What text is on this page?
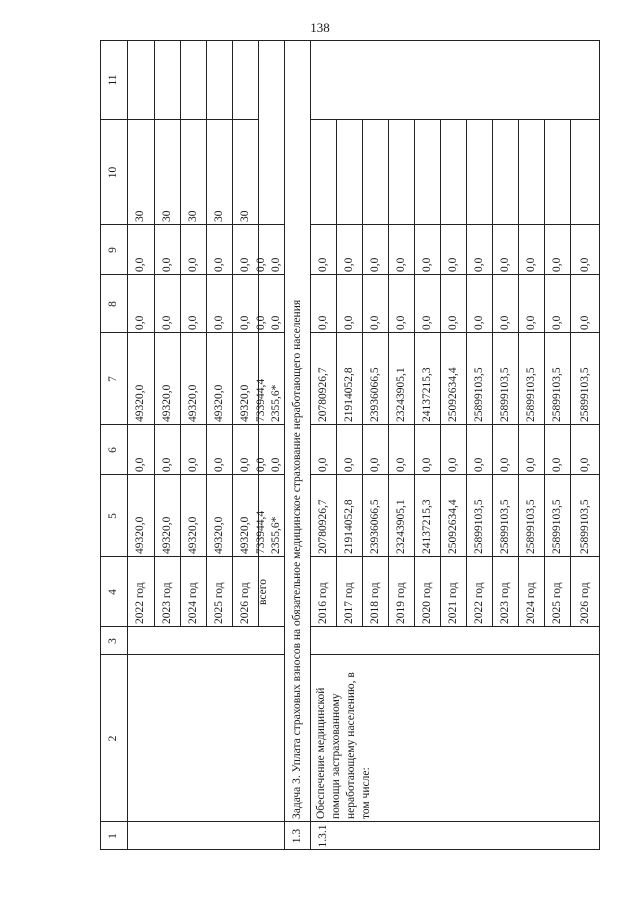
138
1
2
3
4
5
6
7
8
9
10
11
2022 год
49320,0
0,0
49320,0
0,0
0,0
30
2023 год
49320,0
0,0
49320,0
0,0
0,0
30
2024 год
49320,0
0,0
49320,0
0,0
0,0
30
2025 год
49320,0
0,0
49320,0
0,0
0,0
30
2026 год
49320,0
0,0
49320,0
0,0
0,0
30
всего
733944,4
0,0
733944,4
0,0
0,0
2355,6*
0,0
2355,6*
0,0
0,0
1.3
Задача 3. Уплата страховых взносов на обязательное медицинское страхование неработающего населения
1.3.1
Обеспечение медицинской помощи застрахованному неработающему населению, в том числе:
2016 год
20780926,7
0,0
20780926,7
0,0
0,0
2017 год
21914052,8
0,0
21914052,8
0,0
0,0
2018 год
23936066,5
0,0
23936066,5
0,0
0,0
2019 год
23243905,1
0,0
23243905,1
0,0
0,0
2020 год
24137215,3
0,0
24137215,3
0,0
0,0
2021 год
25092634,4
0,0
25092634,4
0,0
0,0
2022 год
25899103,5
0,0
25899103,5
0,0
0,0
2023 год
25899103,5
0,0
25899103,5
0,0
0,0
2024 год
25899103,5
0,0
25899103,5
0,0
0,0
2025 год
25899103,5
0,0
25899103,5
0,0
0,0
2026 год
25899103,5
0,0
25899103,5
0,0
0,0
